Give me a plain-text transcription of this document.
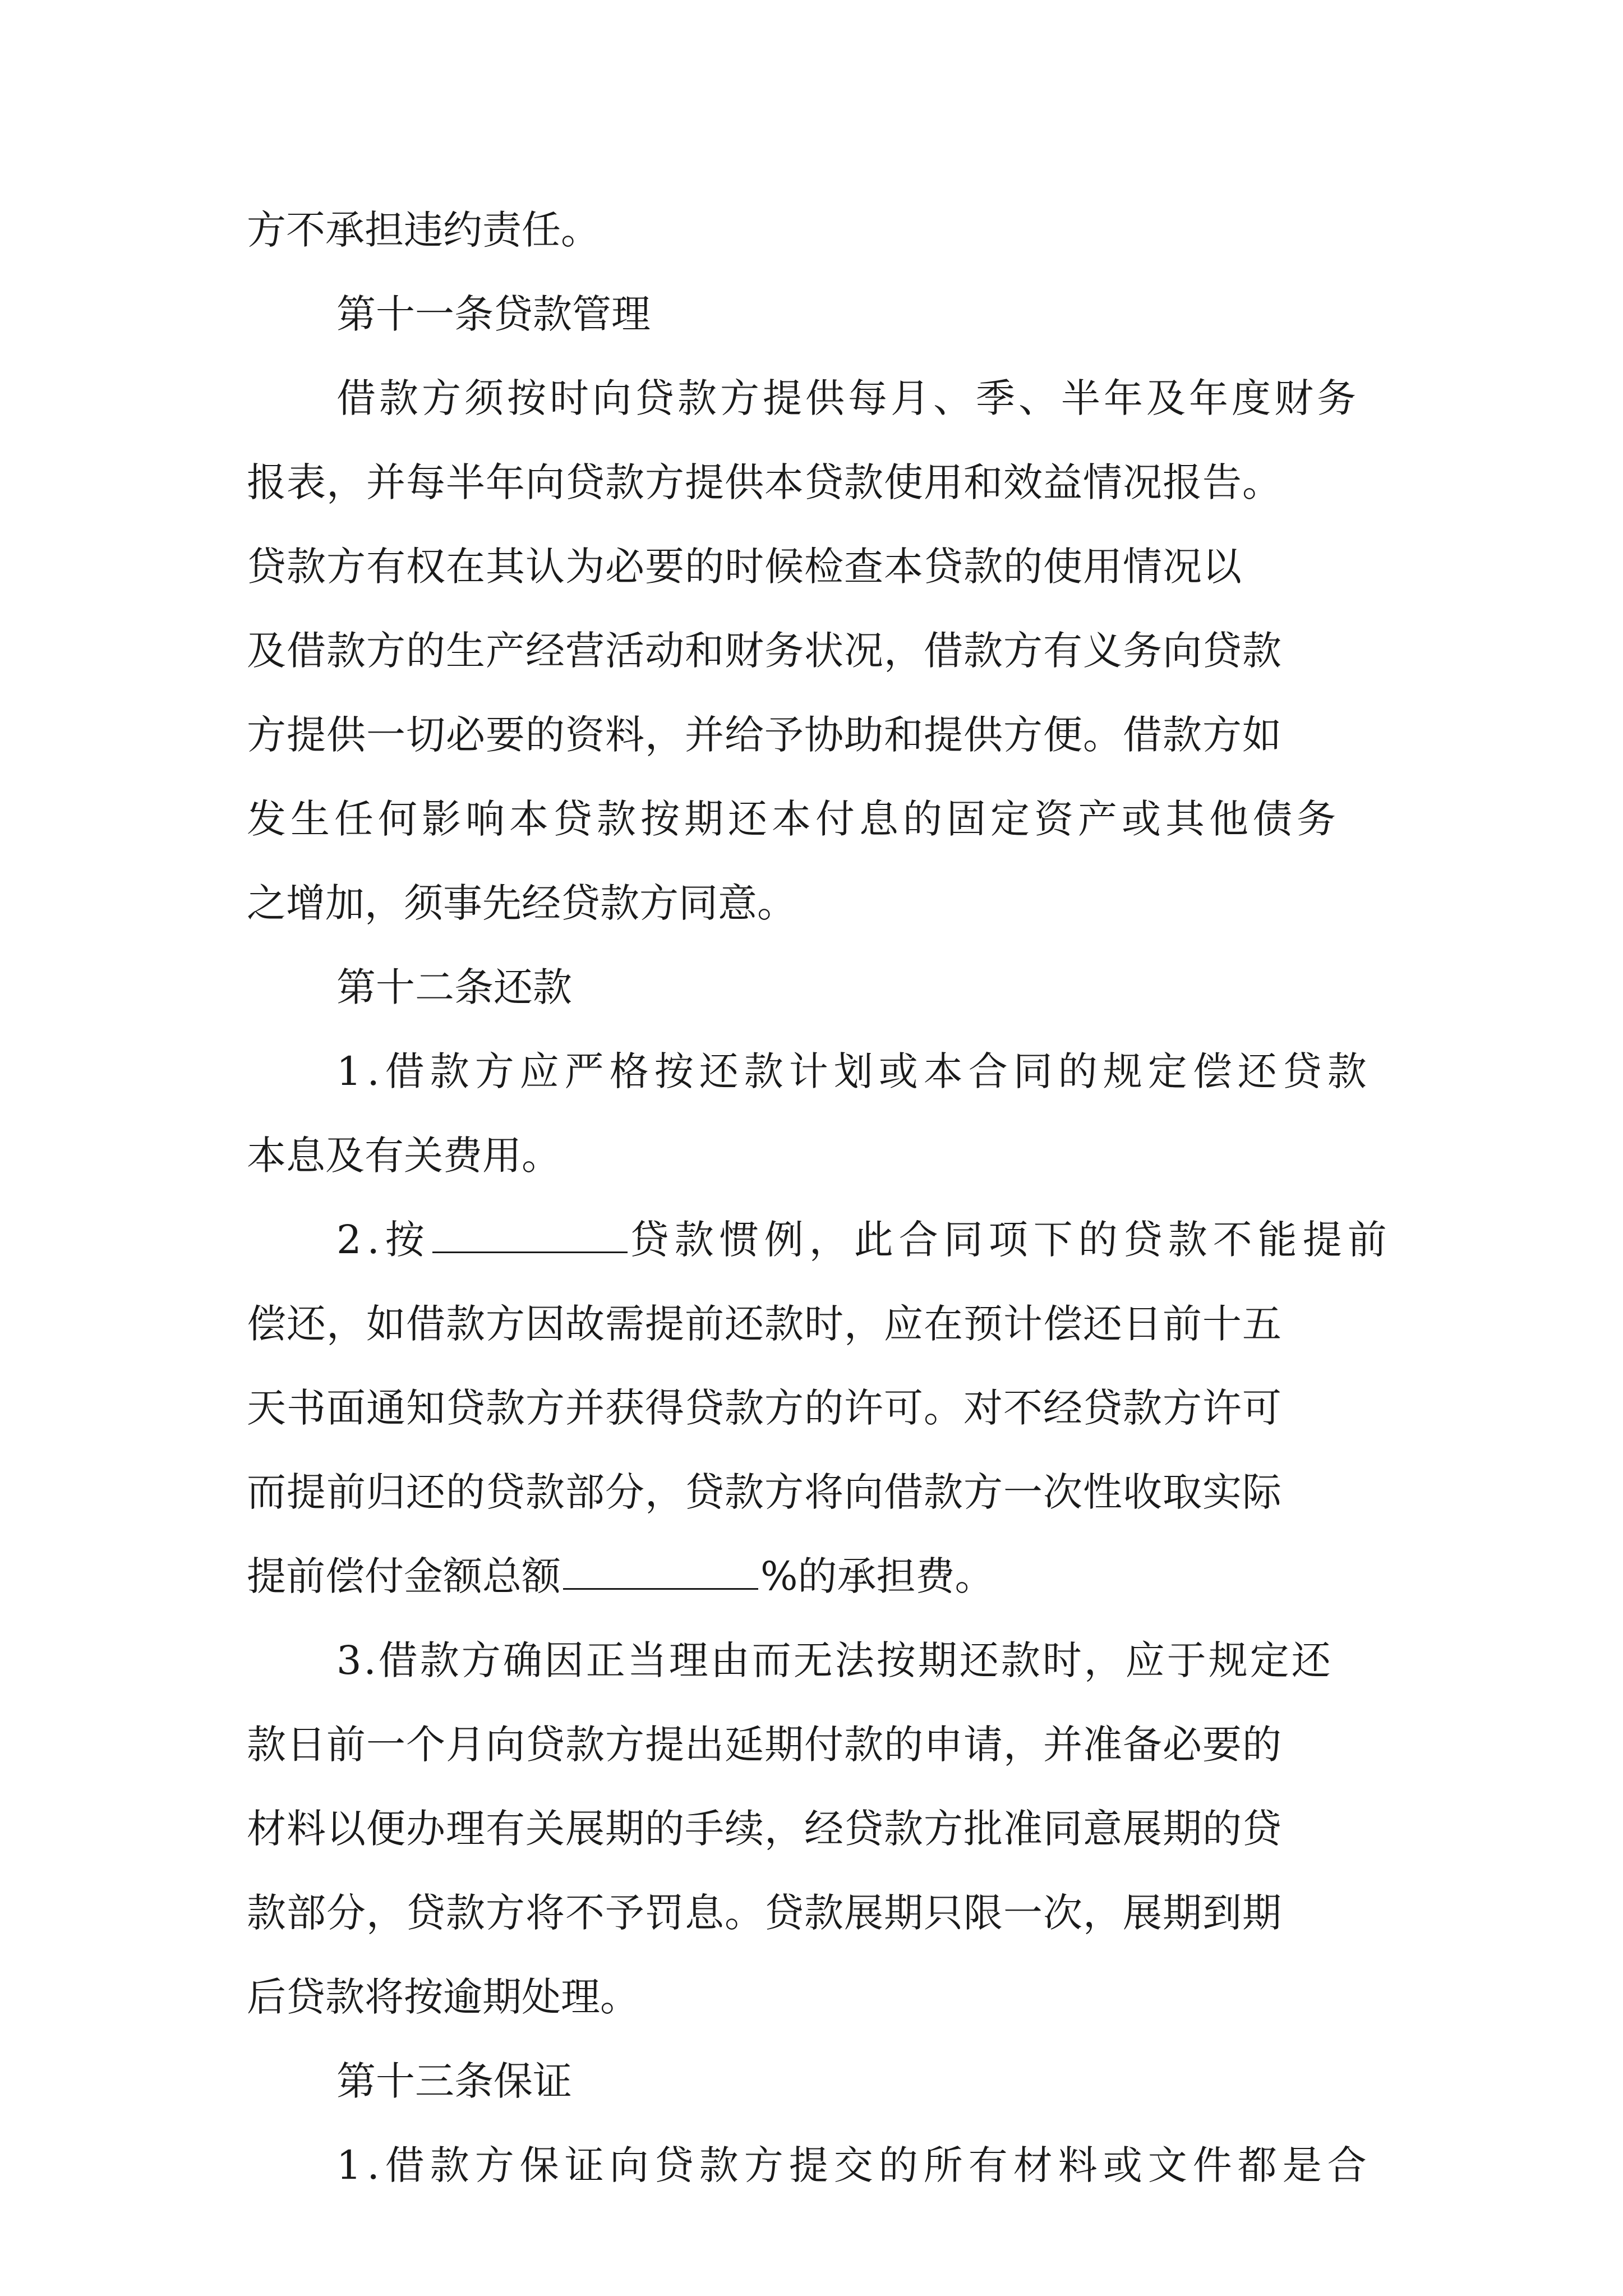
方不承担违约责任。
第十一条贷款管理
借款方须按时向贷款方提供每月、季、半年及年度财务
报表，并每半年向贷款方提供本贷款使用和效益情况报告。
贷款方有权在其认为必要的时候检查本贷款的使用情况以
及借款方的生产经营活动和财务状况，借款方有义务向贷款
方提供一切必要的资料，并给予协助和提供方便。借款方如
发生任何影响本贷款按期还本付息的固定资产或其他债务
之增加，须事先经贷款方同意。
第十二条还款
1.借款方应严格按还款计划或本合同的规定偿还贷款
本息及有关费用。
2.按	贷款惯例，此合同项下的贷款不能提前
偿还，如借款方因故需提前还款时，应在预计偿还日前十五
天书面通知贷款方并获得贷款方的许可。对不经贷款方许可
而提前归还的贷款部分，贷款方将向借款方一次性收取实际
提前偿付金额总额	%的承担费。
3.借款方确因正当理由而无法按期还款时，应于规定还
款日前一个月向贷款方提出延期付款的申请，并准备必要的
材料以便办理有关展期的手续，经贷款方批准同意展期的贷
款部分，贷款方将不予罚息。贷款展期只限一次，展期到期
后贷款将按逾期处理。
第十三条保证
1.借款方保证向贷款方提交的所有材料或文件都是合
